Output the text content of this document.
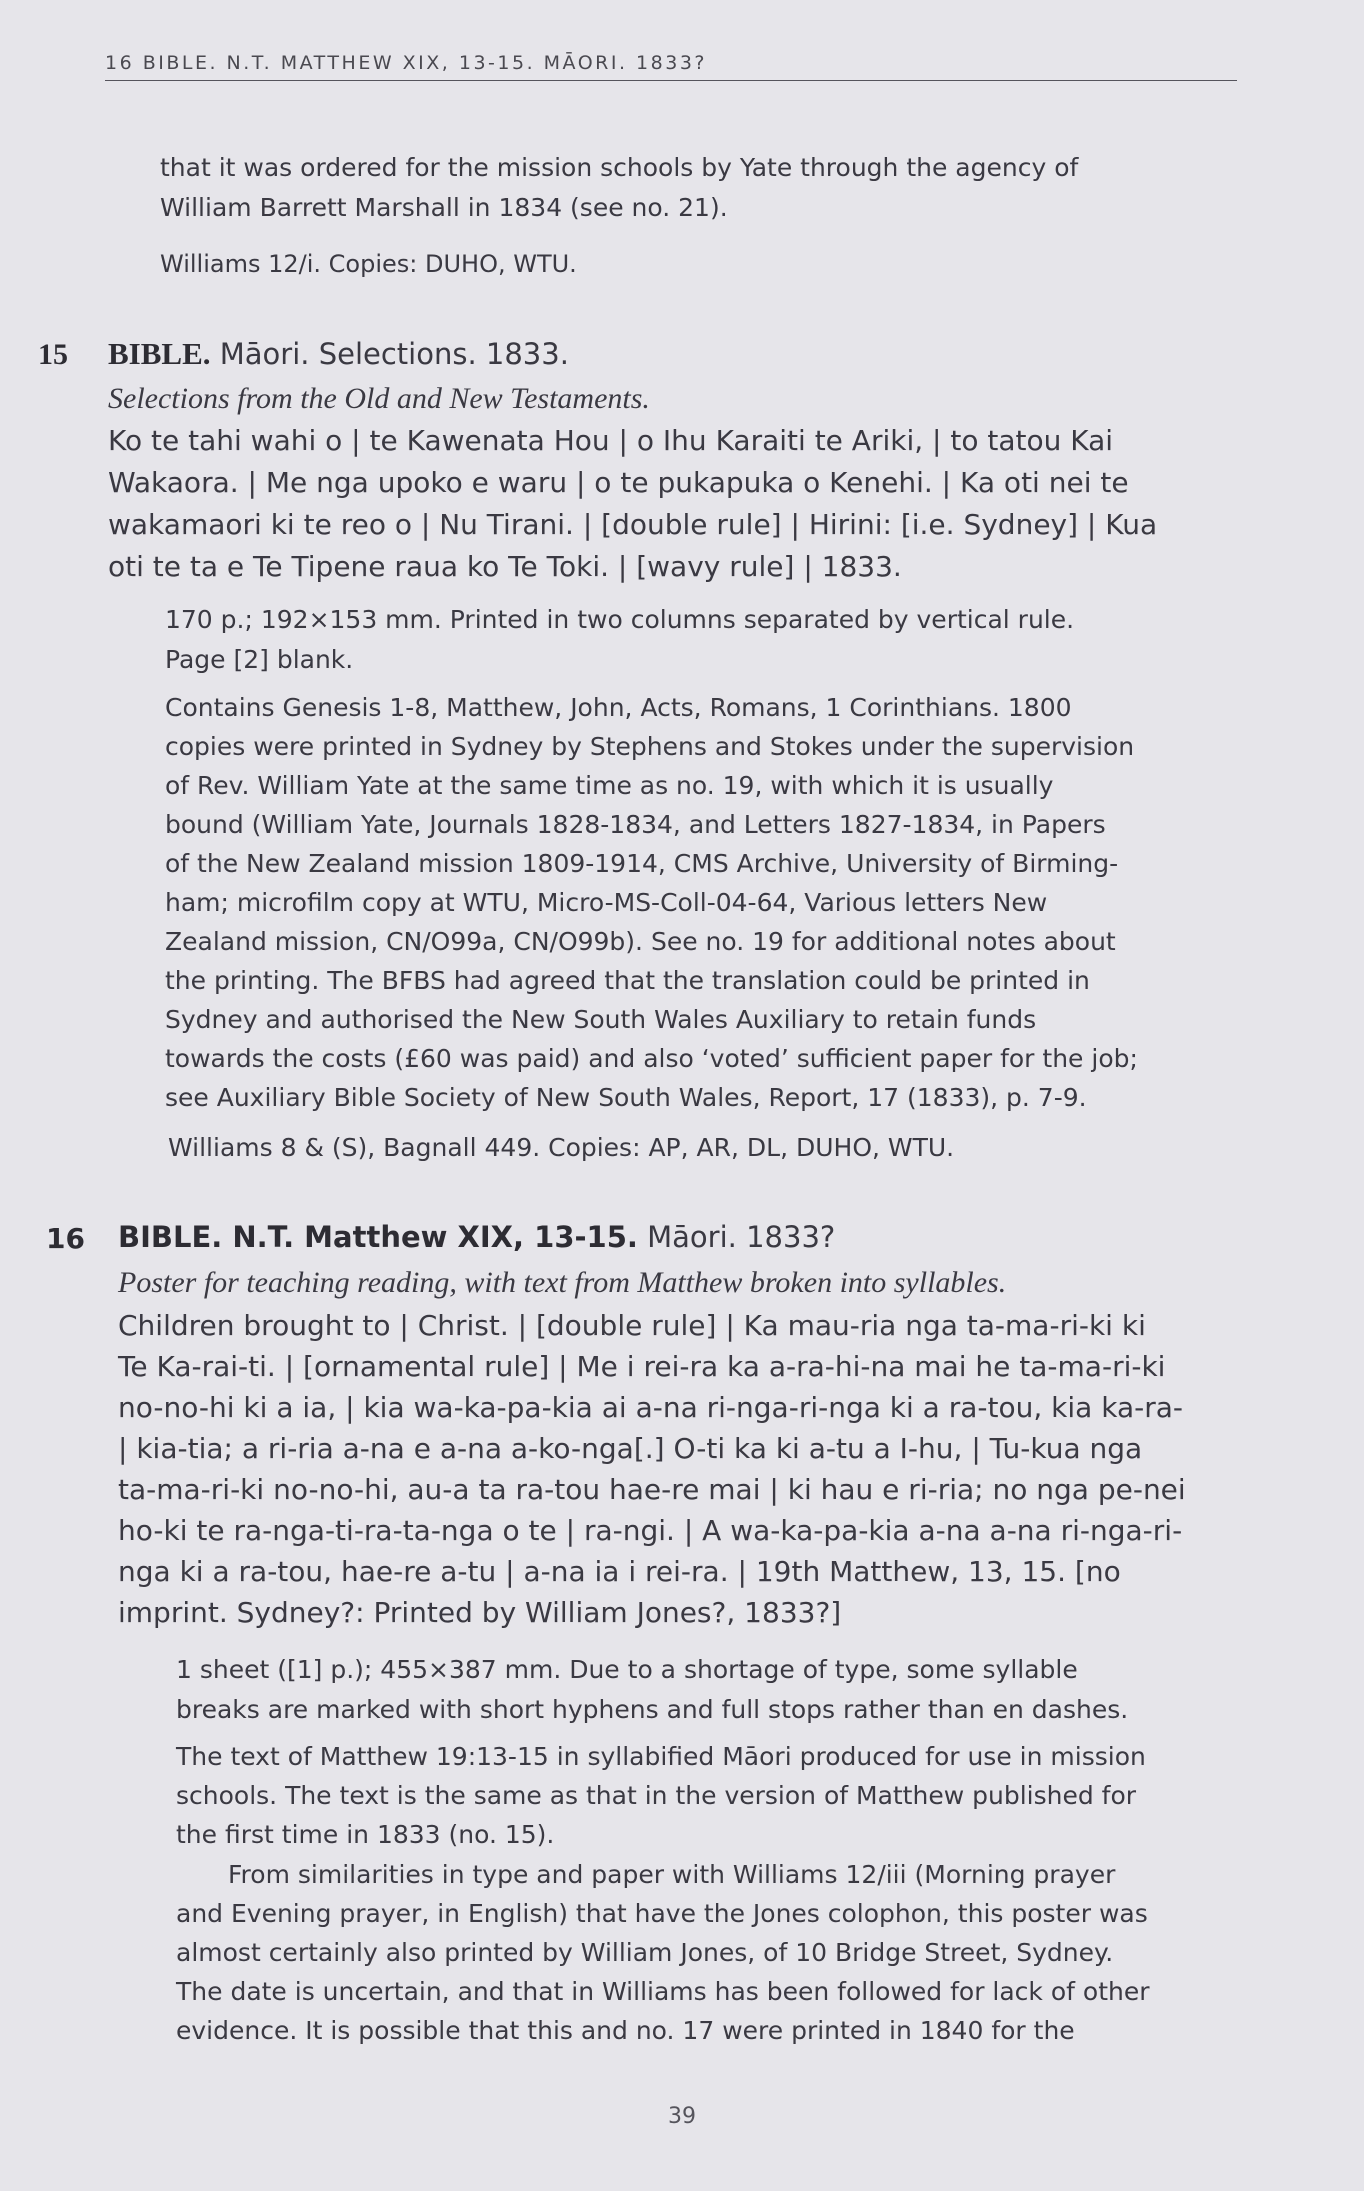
16 BIBLE. N.T. MATTHEW XIX, 13-15. MĀORI. 1833?
that it was ordered for the mission schools by Yate through the agency of
William Barrett Marshall in 1834 (see no. 21).
Williams 12/i. Copies: DUHO, WTU.
15 BIBLE. Māori. Selections. 1833.
Selections from the Old and New Testaments.
Ko te tahi wahi o | te Kawenata Hou | o Ihu Karaiti te Ariki, | to tatou Kai
Wakaora. | Me nga upoko e waru | o te pukapuka o Kenehi. | Ka oti nei te
wakamaori ki te reo o | Nu Tirani. | [double rule] | Hirini: [i.e. Sydney] | Kua
oti te ta e Te Tipene raua ko Te Toki. | [wavy rule] | 1833.
170 p.; 192×153 mm. Printed in two columns separated by vertical rule.
Page [2] blank.
Contains Genesis 1-8, Matthew, John, Acts, Romans, 1 Corinthians. 1800
copies were printed in Sydney by Stephens and Stokes under the supervision
of Rev. William Yate at the same time as no. 19, with which it is usually
bound (William Yate, Journals 1828-1834, and Letters 1827-1834, in Papers
of the New Zealand mission 1809-1914, CMS Archive, University of Birming-
ham; microfilm copy at WTU, Micro-MS-Coll-04-64, Various letters New
Zealand mission, CN/O99a, CN/O99b). See no. 19 for additional notes about
the printing. The BFBS had agreed that the translation could be printed in
Sydney and authorised the New South Wales Auxiliary to retain funds
towards the costs (£60 was paid) and also ‘voted’ sufficient paper for the job;
see Auxiliary Bible Society of New South Wales, Report, 17 (1833), p. 7-9.
Williams 8 & (S), Bagnall 449. Copies: AP, AR, DL, DUHO, WTU.
16 BIBLE. N.T. Matthew XIX, 13-15. Māori. 1833?
Poster for teaching reading, with text from Matthew broken into syllables.
Children brought to | Christ. | [double rule] | Ka mau-ria nga ta-ma-ri-ki ki
Te Ka-rai-ti. | [ornamental rule] | Me i rei-ra ka a-ra-hi-na mai he ta-ma-ri-ki
no-no-hi ki a ia, | kia wa-ka-pa-kia ai a-na ri-nga-ri-nga ki a ra-tou, kia ka-ra-
| kia-tia; a ri-ria a-na e a-na a-ko-nga[.] O-ti ka ki a-tu a I-hu, | Tu-kua nga
ta-ma-ri-ki no-no-hi, au-a ta ra-tou hae-re mai | ki hau e ri-ria; no nga pe-nei
ho-ki te ra-nga-ti-ra-ta-nga o te | ra-ngi. | A wa-ka-pa-kia a-na a-na ri-nga-ri-
nga ki a ra-tou, hae-re a-tu | a-na ia i rei-ra. | 19th Matthew, 13, 15. [no
imprint. Sydney?: Printed by William Jones?, 1833?]
1 sheet ([1] p.); 455×387 mm. Due to a shortage of type, some syllable
breaks are marked with short hyphens and full stops rather than en dashes.
The text of Matthew 19:13-15 in syllabified Māori produced for use in mission
schools. The text is the same as that in the version of Matthew published for
the first time in 1833 (no. 15).
From similarities in type and paper with Williams 12/iii (Morning prayer
and Evening prayer, in English) that have the Jones colophon, this poster was
almost certainly also printed by William Jones, of 10 Bridge Street, Sydney.
The date is uncertain, and that in Williams has been followed for lack of other
evidence. It is possible that this and no. 17 were printed in 1840 for the
39
